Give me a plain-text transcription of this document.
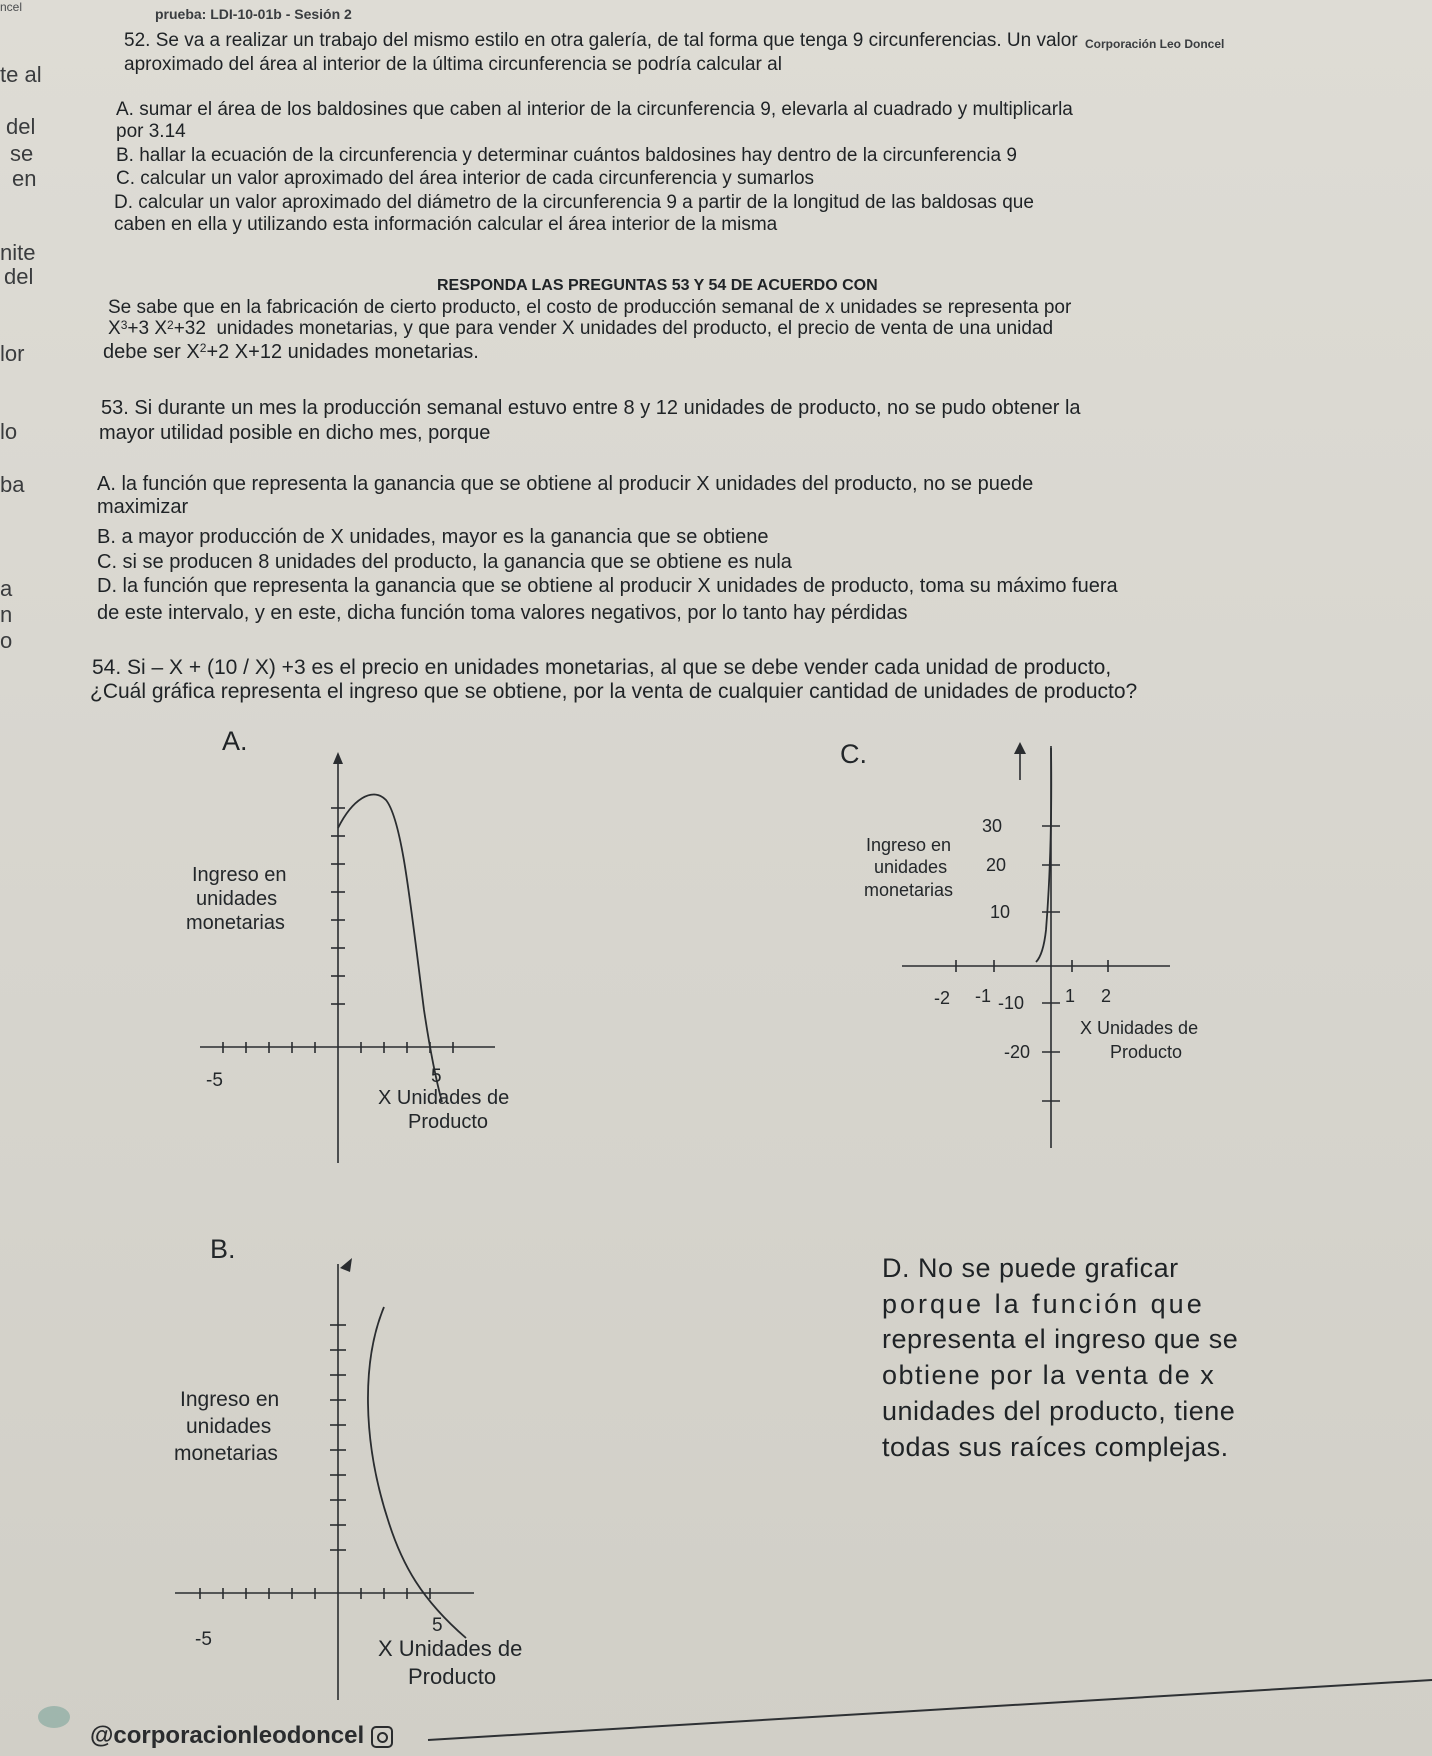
ncel	prueba: LDI-10-01b - Sesión 2
Corporación Leo Doncel
te al
del
se
en
nite
del
lor
lo
ba
a
n
o
52. Se va a realizar un trabajo del mismo estilo en otra galería, de tal forma que tenga 9 circunferencias. Un valor
aproximado del área al interior de la última circunferencia se podría calcular al
A. sumar el área de los baldosines que caben al interior de la circunferencia 9, elevarla al cuadrado y multiplicarla
por 3.14
B. hallar la ecuación de la circunferencia y determinar cuántos baldosines hay dentro de la circunferencia 9
C. calcular un valor aproximado del área interior de cada circunferencia y sumarlos
D. calcular un valor aproximado del diámetro de la circunferencia 9 a partir de la longitud de las baldosas que
caben en ella y utilizando esta información calcular el área interior de la misma
RESPONDA LAS PREGUNTAS 53 Y 54 DE ACUERDO CON
Se sabe que en la fabricación de cierto producto, el costo de producción semanal de x unidades se representa por
$X^3+3$ $X^2+32$ unidades monetarias, y que para vender X unidades del producto, el precio de venta de una unidad
debe ser $X^2+2$ X+12 unidades monetarias.
53. Si durante un mes la producción semanal estuvo entre 8 y 12 unidades de producto, no se pudo obtener la
mayor utilidad posible en dicho mes, porque
A. la función que representa la ganancia que se obtiene al producir X unidades del producto, no se puede
maximizar
B. a mayor producción de X unidades, mayor es la ganancia que se obtiene
C. si se producen 8 unidades del producto, la ganancia que se obtiene es nula
D. la función que representa la ganancia que se obtiene al producir X unidades de producto, toma su máximo fuera
de este intervalo, y en este, dicha función toma valores negativos, por lo tanto hay pérdidas
54. Si – X + (10 / X) +3 es el precio en unidades monetarias, al que se debe vender cada unidad de producto,
¿Cuál gráfica representa el ingreso que se obtiene, por la venta de cualquier cantidad de unidades de producto?
A.
-5	5
Ingreso en
unidades
monetarias
X Unidades de
Producto
C.
30
20
10
-10
-20
-2 -1	1 2
Ingreso en
unidades
monetarias
X Unidades de
Producto
B.
-5
5
Ingreso en
unidades
monetarias
X Unidades de
Producto
D. No se puede graficar
porque la función que
representa el ingreso que se
obtiene por la venta de x
unidades del producto, tiene
todas sus raíces complejas.
@corporacionleodoncel
